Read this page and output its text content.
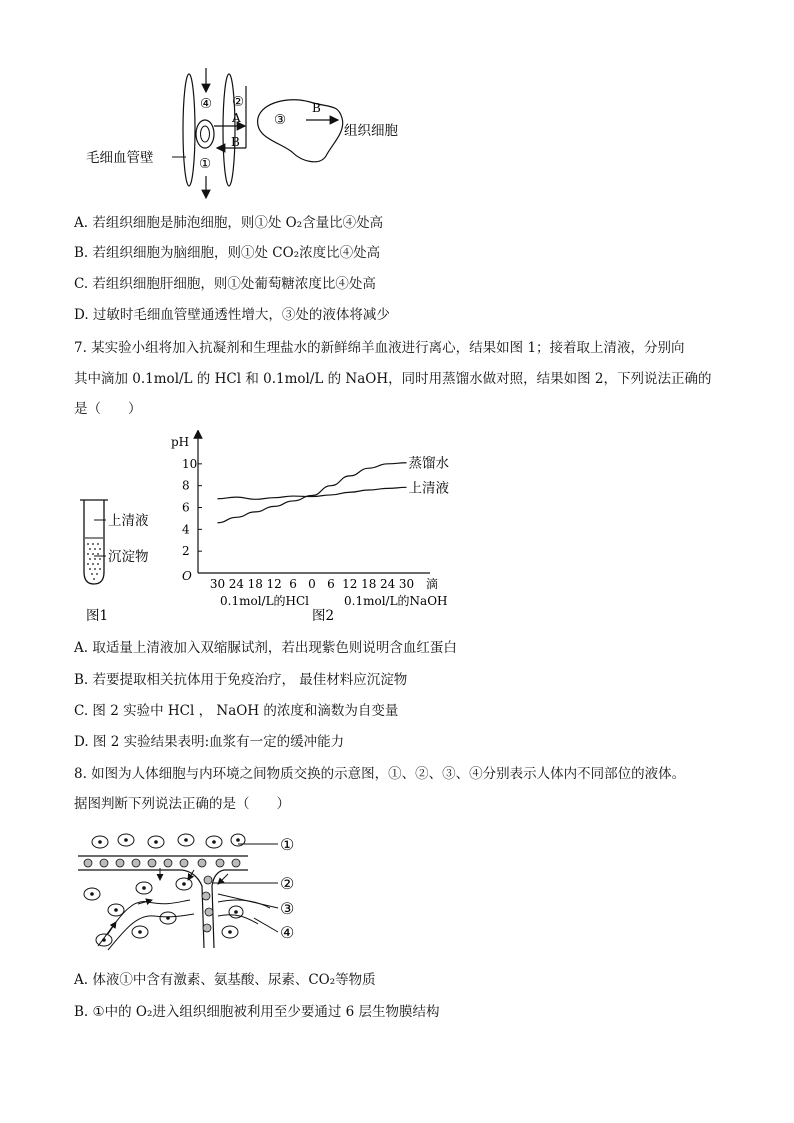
毛细血管壁
④ ②
①
③
A
B
B
组织细胞
A. 若组织细胞是肺泡细胞，则①处 O₂含量比④处高
B. 若组织细胞为脑细胞，则①处 CO₂浓度比④处高
C. 若组织细胞肝细胞，则①处葡萄糖浓度比④处高
D. 过敏时毛细血管壁通透性增大，③处的液体将减少
7. 某实验小组将加入抗凝剂和生理盐水的新鲜绵羊血液进行离心，结果如图 1；接着取上清液，分别向
其中滴加 0.1mol/L 的 HCl 和 0.1mol/L 的 NaOH，同时用蒸馏水做对照，结果如图 2，下列说法正确的
是（　　）
上清液
沉淀物
图1
pH
O
2
4
6
8
10
30 24 18 12 6 0 6 12 18 24 30
蒸馏水
上清液
滴
0.1mol/L的HCl	0.1mol/L的NaOH
图2
A. 取适量上清液加入双缩脲试剂，若出现紫色则说明含血红蛋白
B. 若要提取相关抗体用于免疫治疗， 最佳材料应沉淀物
C. 图 2 实验中 HCl ， NaOH 的浓度和滴数为自变量
D. 图 2 实验结果表明:血浆有一定的缓冲能力
8. 如图为人体细胞与内环境之间物质交换的示意图，①、②、③、④分别表示人体内不同部位的液体。
据图判断下列说法正确的是（　　）
①
②
③
④
A. 体液①中含有激素、氨基酸、尿素、CO₂等物质
B. ①中的 O₂进入组织细胞被利用至少要通过 6 层生物膜结构
